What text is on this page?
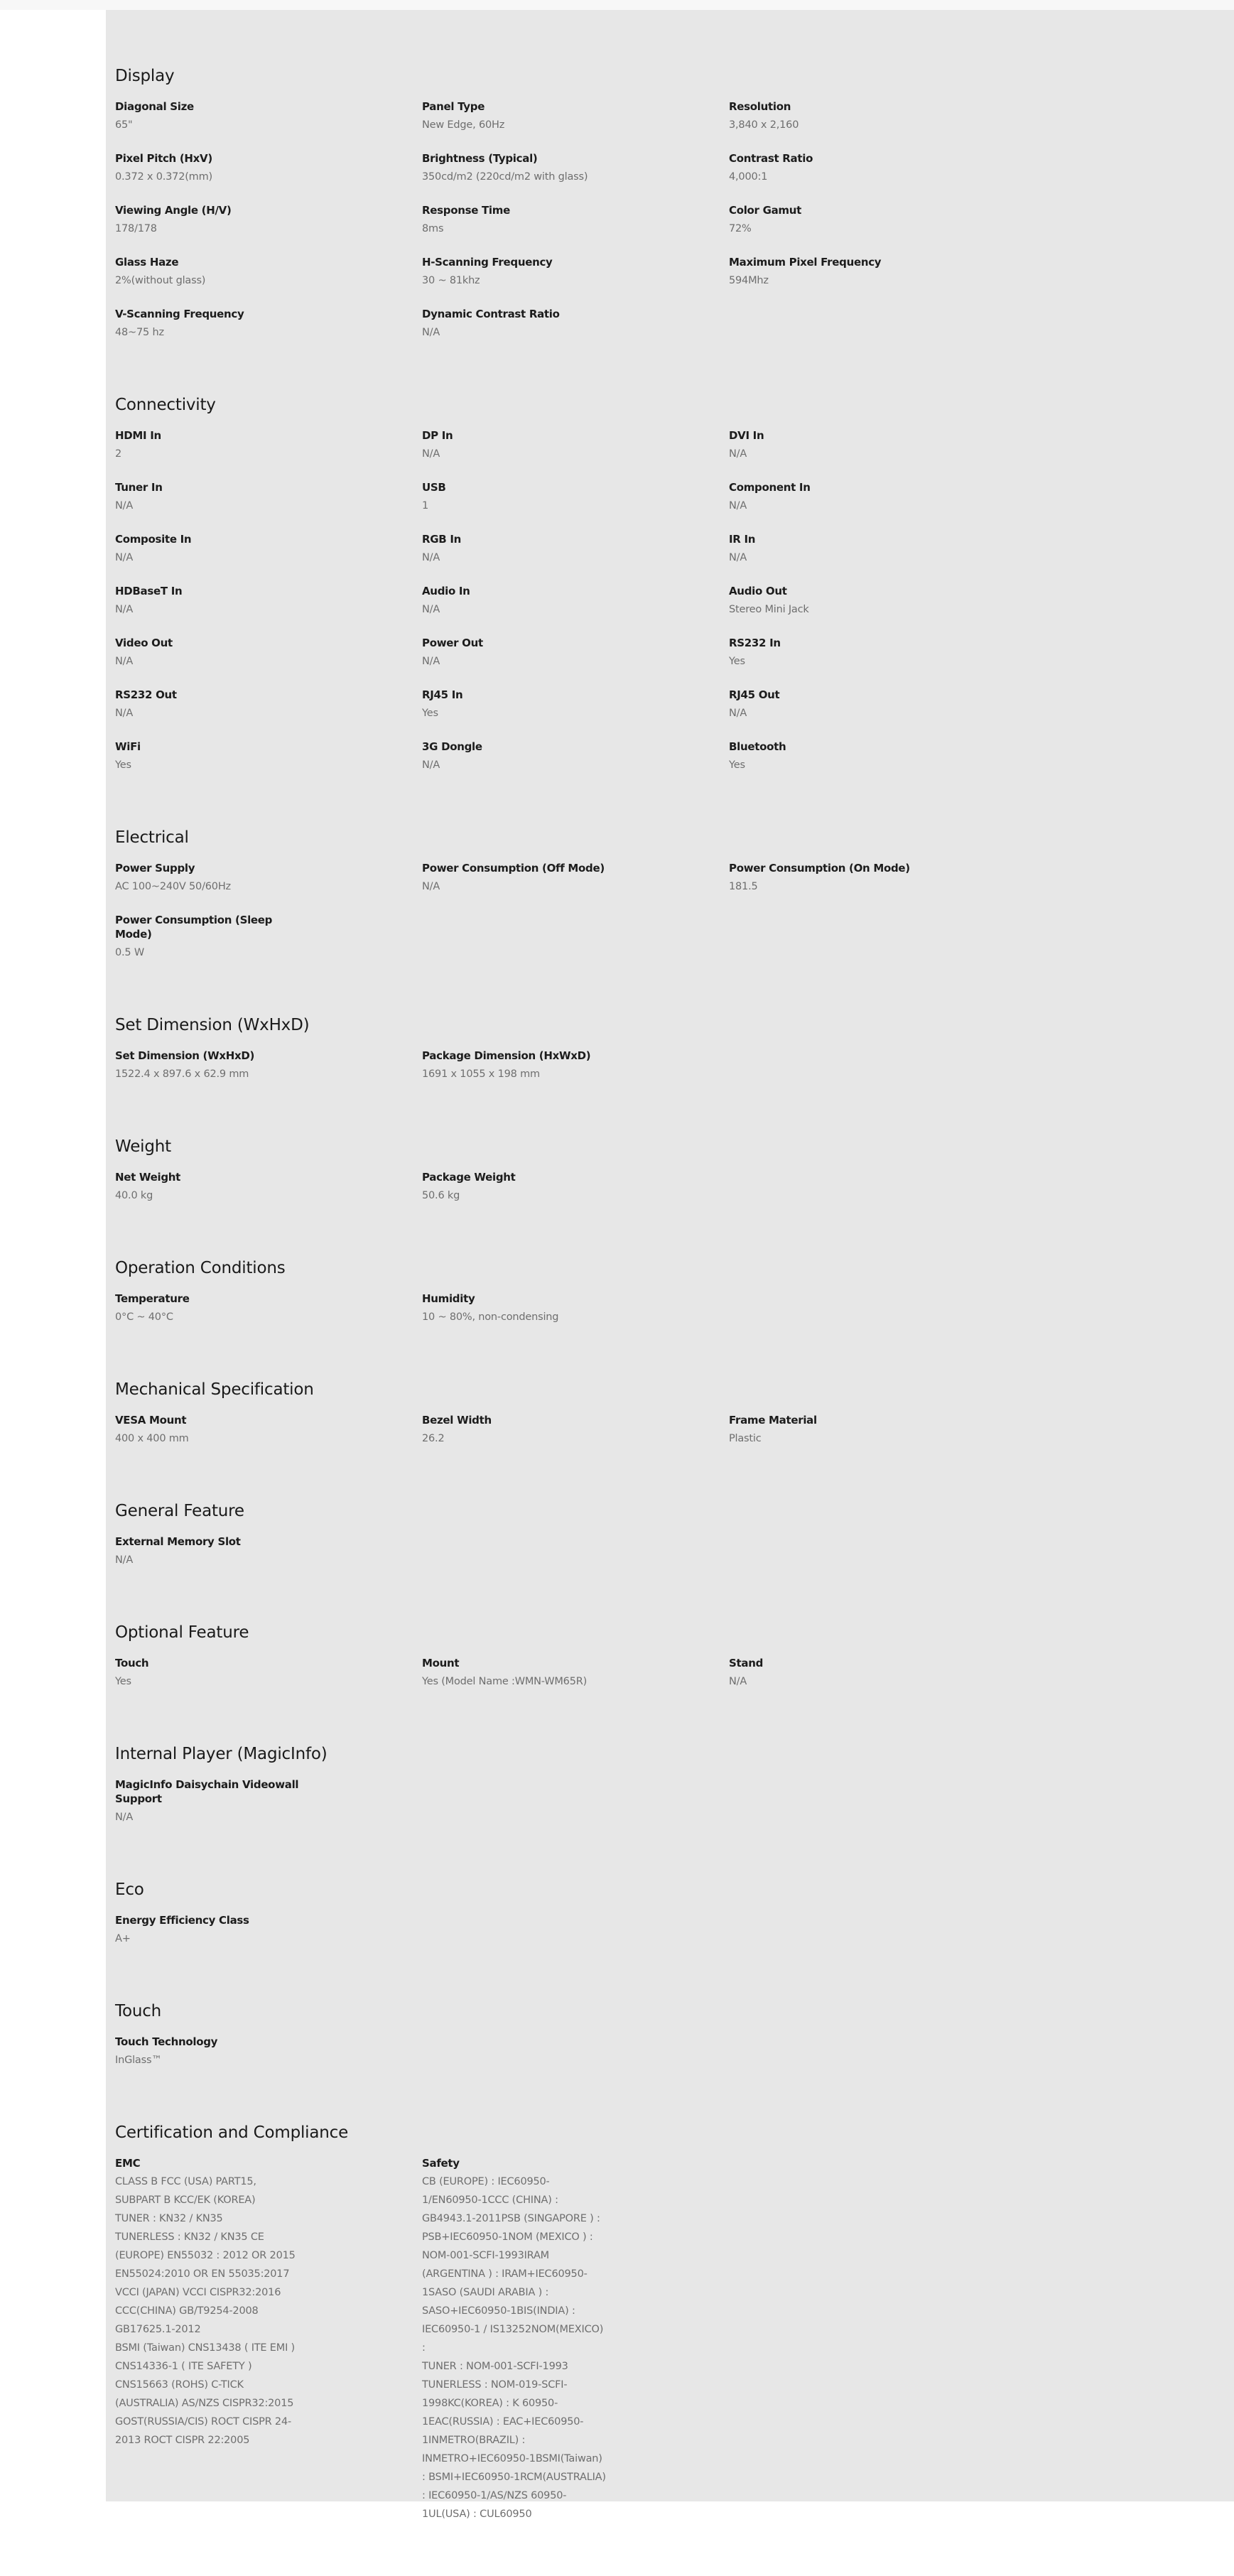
Display
Diagonal Size
65"
Panel Type
New Edge, 60Hz
Resolution
3,840 x 2,160
Pixel Pitch (HxV)
0.372 x 0.372(mm)
Brightness (Typical)
350cd/m2 (220cd/m2 with glass)
Contrast Ratio
4,000:1
Viewing Angle (H/V)
178/178
Response Time
8ms
Color Gamut
72%
Glass Haze
2%(without glass)
H-Scanning Frequency
30 ~ 81khz
Maximum Pixel Frequency
594Mhz
V-Scanning Frequency
48~75 hz
Dynamic Contrast Ratio
N/A
Connectivity
HDMI In
2
DP In
N/A
DVI In
N/A
Tuner In
N/A
USB
1
Component In
N/A
Composite In
N/A
RGB In
N/A
IR In
N/A
HDBaseT In
N/A
Audio In
N/A
Audio Out
Stereo Mini Jack
Video Out
N/A
Power Out
N/A
RS232 In
Yes
RS232 Out
N/A
RJ45 In
Yes
RJ45 Out
N/A
WiFi
Yes
3G Dongle
N/A
Bluetooth
Yes
Electrical
Power Supply
AC 100~240V 50/60Hz
Power Consumption (Off Mode)
N/A
Power Consumption (On Mode)
181.5
Power Consumption (Sleep Mode)
0.5 W
Set Dimension (WxHxD)
Set Dimension (WxHxD)
1522.4 x 897.6 x 62.9 mm
Package Dimension (HxWxD)
1691 x 1055 x 198 mm
Weight
Net Weight
40.0 kg
Package Weight
50.6 kg
Operation Conditions
Temperature
0°C ~ 40°C
Humidity
10 ~ 80%, non-condensing
Mechanical Specification
VESA Mount
400 x 400 mm
Bezel Width
26.2
Frame Material
Plastic
General Feature
External Memory Slot
N/A
Optional Feature
Touch
Yes
Mount
Yes (Model Name :WMN-WM65R)
Stand
N/A
Internal Player (MagicInfo)
MagicInfo Daisychain Videowall Support
N/A
Eco
Energy Efficiency Class
A+
Touch
Touch Technology
InGlass™
Certification and Compliance
EMC
CLASS B FCC (USA) PART15, SUBPART B KCC/EK (KOREA)
TUNER : KN32 / KN35
TUNERLESS : KN32 / KN35 CE (EUROPE) EN55032 : 2012 OR 2015
EN55024:2010 OR EN 55035:2017 VCCI (JAPAN) VCCI CISPR32:2016 CCC(CHINA) GB/T9254-2008 GB17625.1-2012
BSMI (Taiwan) CNS13438 ( ITE EMI ) CNS14336-1 ( ITE SAFETY ) CNS15663 (ROHS) C-TICK (AUSTRALIA) AS/NZS CISPR32:2015
GOST(RUSSIA/CIS) ROCT CISPR 24-2013 ROCT CISPR 22:2005
Safety
CB (EUROPE) : IEC60950-1/EN60950-1CCC (CHINA) : GB4943.1-2011PSB (SINGAPORE ) : PSB+IEC60950-1NOM (MEXICO ) : NOM-001-SCFI-1993IRAM (ARGENTINA ) : IRAM+IEC60950-1SASO (SAUDI ARABIA ) : SASO+IEC60950-1BIS(INDIA) : IEC60950-1 / IS13252NOM(MEXICO) :
TUNER : NOM-001-SCFI-1993
TUNERLESS : NOM-019-SCFI-1998KC(KOREA) : K 60950-1EAC(RUSSIA) : EAC+IEC60950-1INMETRO(BRAZIL) : INMETRO+IEC60950-1BSMI(Taiwan) : BSMI+IEC60950-1RCM(AUSTRALIA) : IEC60950-1/AS/NZS 60950-1UL(USA) : CUL60950
